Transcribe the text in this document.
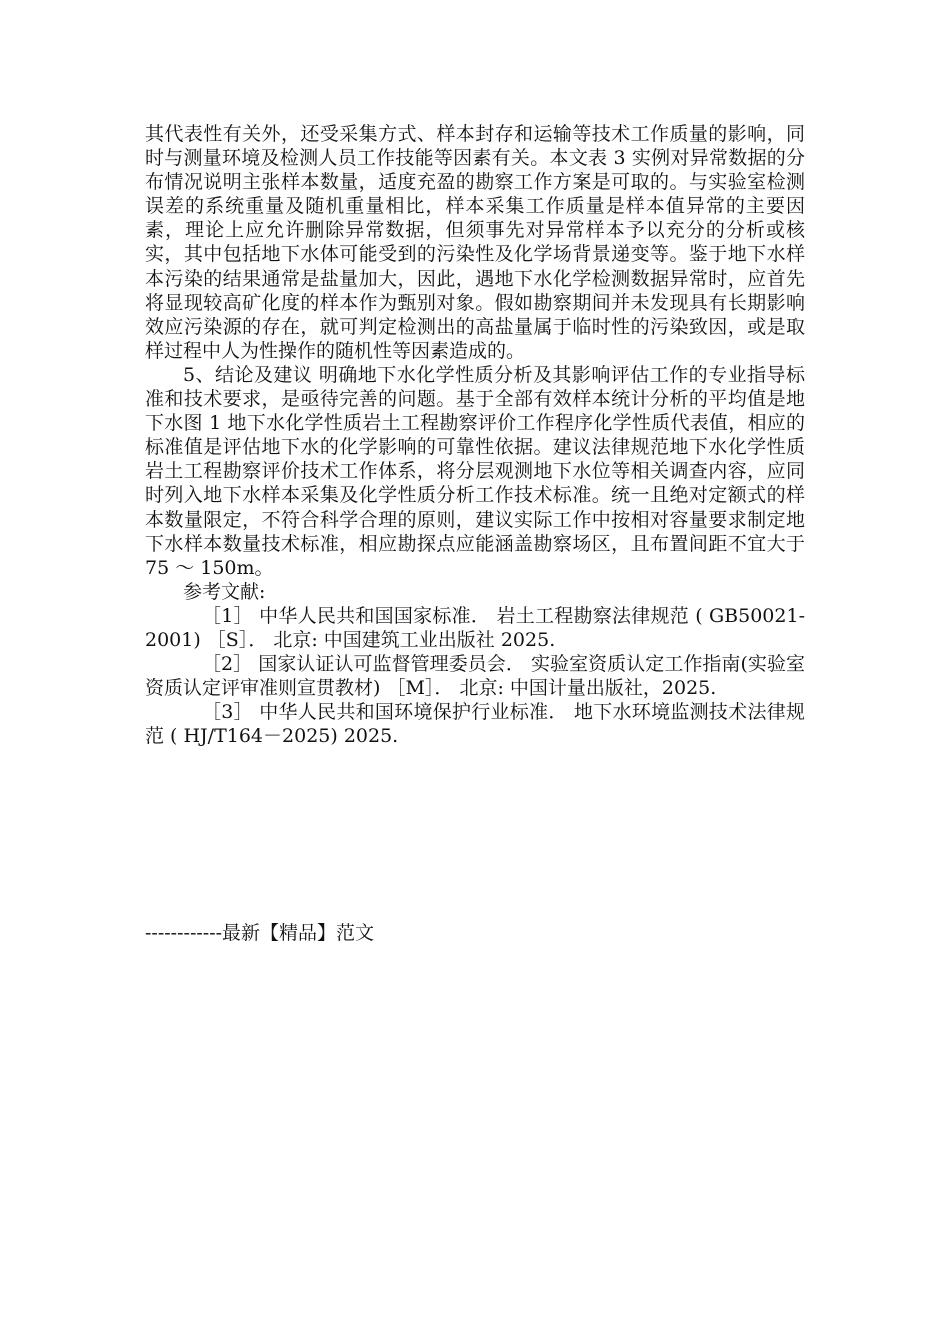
其代表性有关外，还受采集方式、样本封存和运输等技术工作质量的影响，同时与测量环境及检测人员工作技能等因素有关。本文表 3 实例对异常数据的分布情况说明主张样本数量，适度充盈的勘察工作方案是可取的。与实验室检测误差的系统重量及随机重量相比，样本采集工作质量是样本值异常的主要因素，理论上应允许删除异常数据，但须事先对异常样本予以充分的分析或核实，其中包括地下水体可能受到的污染性及化学场背景递变等。鉴于地下水样本污染的结果通常是盐量加大，因此，遇地下水化学检测数据异常时，应首先将显现较高矿化度的样本作为甄别对象。假如勘察期间并未发现具有长期影响效应污染源的存在，就可判定检测出的高盐量属于临时性的污染致因，或是取样过程中人为性操作的随机性等因素造成的。

5、结论及建议 明确地下水化学性质分析及其影响评估工作的专业指导标准和技术要求，是亟待完善的问题。基于全部有效样本统计分析的平均值是地下水图 1 地下水化学性质岩土工程勘察评价工作程序化学性质代表值，相应的标准值是评估地下水的化学影响的可靠性依据。建议法律规范地下水化学性质岩土工程勘察评价技术工作体系，将分层观测地下水位等相关调查内容，应同时列入地下水样本采集及化学性质分析工作技术标准。统一且绝对定额式的样本数量限定，不符合科学合理的原则，建议实际工作中按相对容量要求制定地下水样本数量技术标准，相应勘探点应能涵盖勘察场区，且布置间距不宜大于 75 ～ 150m。

参考文献:

［1］ 中华人民共和国国家标准． 岩土工程勘察法律规范 ( GB50021-2001) ［S］． 北京: 中国建筑工业出版社 2025.

［2］ 国家认证认可监督管理委员会． 实验室资质认定工作指南(实验室资质认定评审准则宣贯教材) ［M］． 北京: 中国计量出版社，2025.

［3］ 中华人民共和国环境保护行业标准． 地下水环境监测技术法律规范 ( HJ/T164－2025) 2025.

------------最新【精品】范文
